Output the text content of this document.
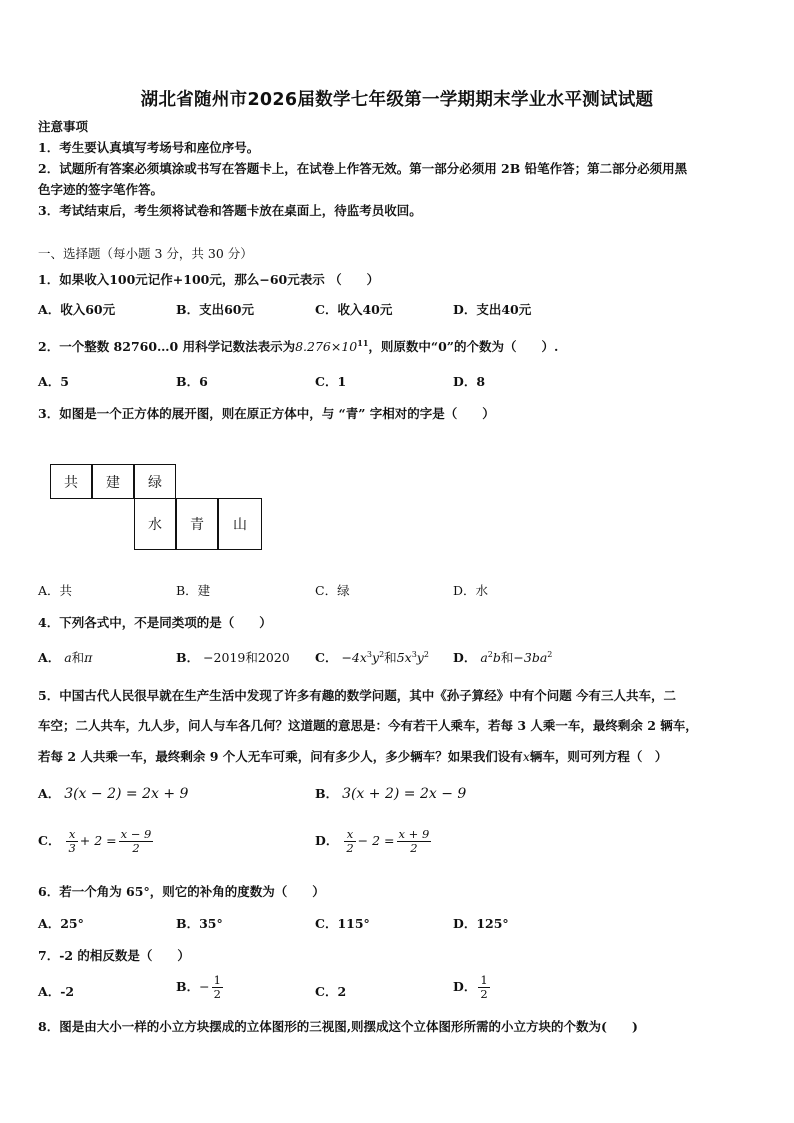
湖北省随州市2026届数学七年级第一学期期末学业水平测试试题
注意事项
1．考生要认真填写考场号和座位序号。
2．试题所有答案必须填涂或书写在答题卡上，在试卷上作答无效。第一部分必须用 2B 铅笔作答；第二部分必须用黑
色字迹的签字笔作答。
3．考试结束后，考生须将试卷和答题卡放在桌面上，待监考员收回。
一、选择题（每小题 3 分，共 30 分）
1．如果收入100元记作+100元，那么−60元表示 （　　）
A．收入60元	B．支出60元	C．收入40元	D．支出40元
2．一个整数 82760…0 用科学记数法表示为$8.276\times 10^{11}$，则原数中“0”的个数为（　　）.
A．5	B．6	C．1	D．8
3．如图是一个正方体的展开图，则在原正方体中，与 “青” 字相对的字是（　　）
共	建	绿
水	青	山
A．共	B．建	C．绿	D．水
4．下列各式中，不是同类项的是（　　）
A． a和π	B． −2019和2020 C． $-4x^3y^2$和$5x^3y^2$ D． $a^2b$和$-3ba^2$
5．中国古代人民很早就在生产生活中发现了许多有趣的数学问题，其中《孙子算经》中有个问题 今有三人共车，二
车空；二人共车，九人步，问人与车各几何？这道题的意思是：今有若干人乘车，若每 3 人乘一车，最终剩余 2 辆车，
若每 2 人共乘一车，最终剩余 9 个人无车可乘，问有多少人，多少辆车？如果我们设有x辆车，则可列方程（　）
A． 3(x − 2) = 2x + 9	B． 3(x + 2) = 2x − 9
C． $\frac{x}{3} + 2 = \frac{x - 9}{2}$	D． $\frac{x}{2} - 2 = \frac{x + 9}{2}$
6．若一个角为 65°，则它的补角的度数为（　　）
A．25°	B．35°	C．115°	D．125°
7．-2 的相反数是（　　）
A．-2	B．− $\frac{1}{2}$	C．2	D． $\frac{1}{2}$
8．图是由大小一样的小立方块摆成的立体图形的三视图,则摆成这个立体图形所需的小立方块的个数为(　　)
